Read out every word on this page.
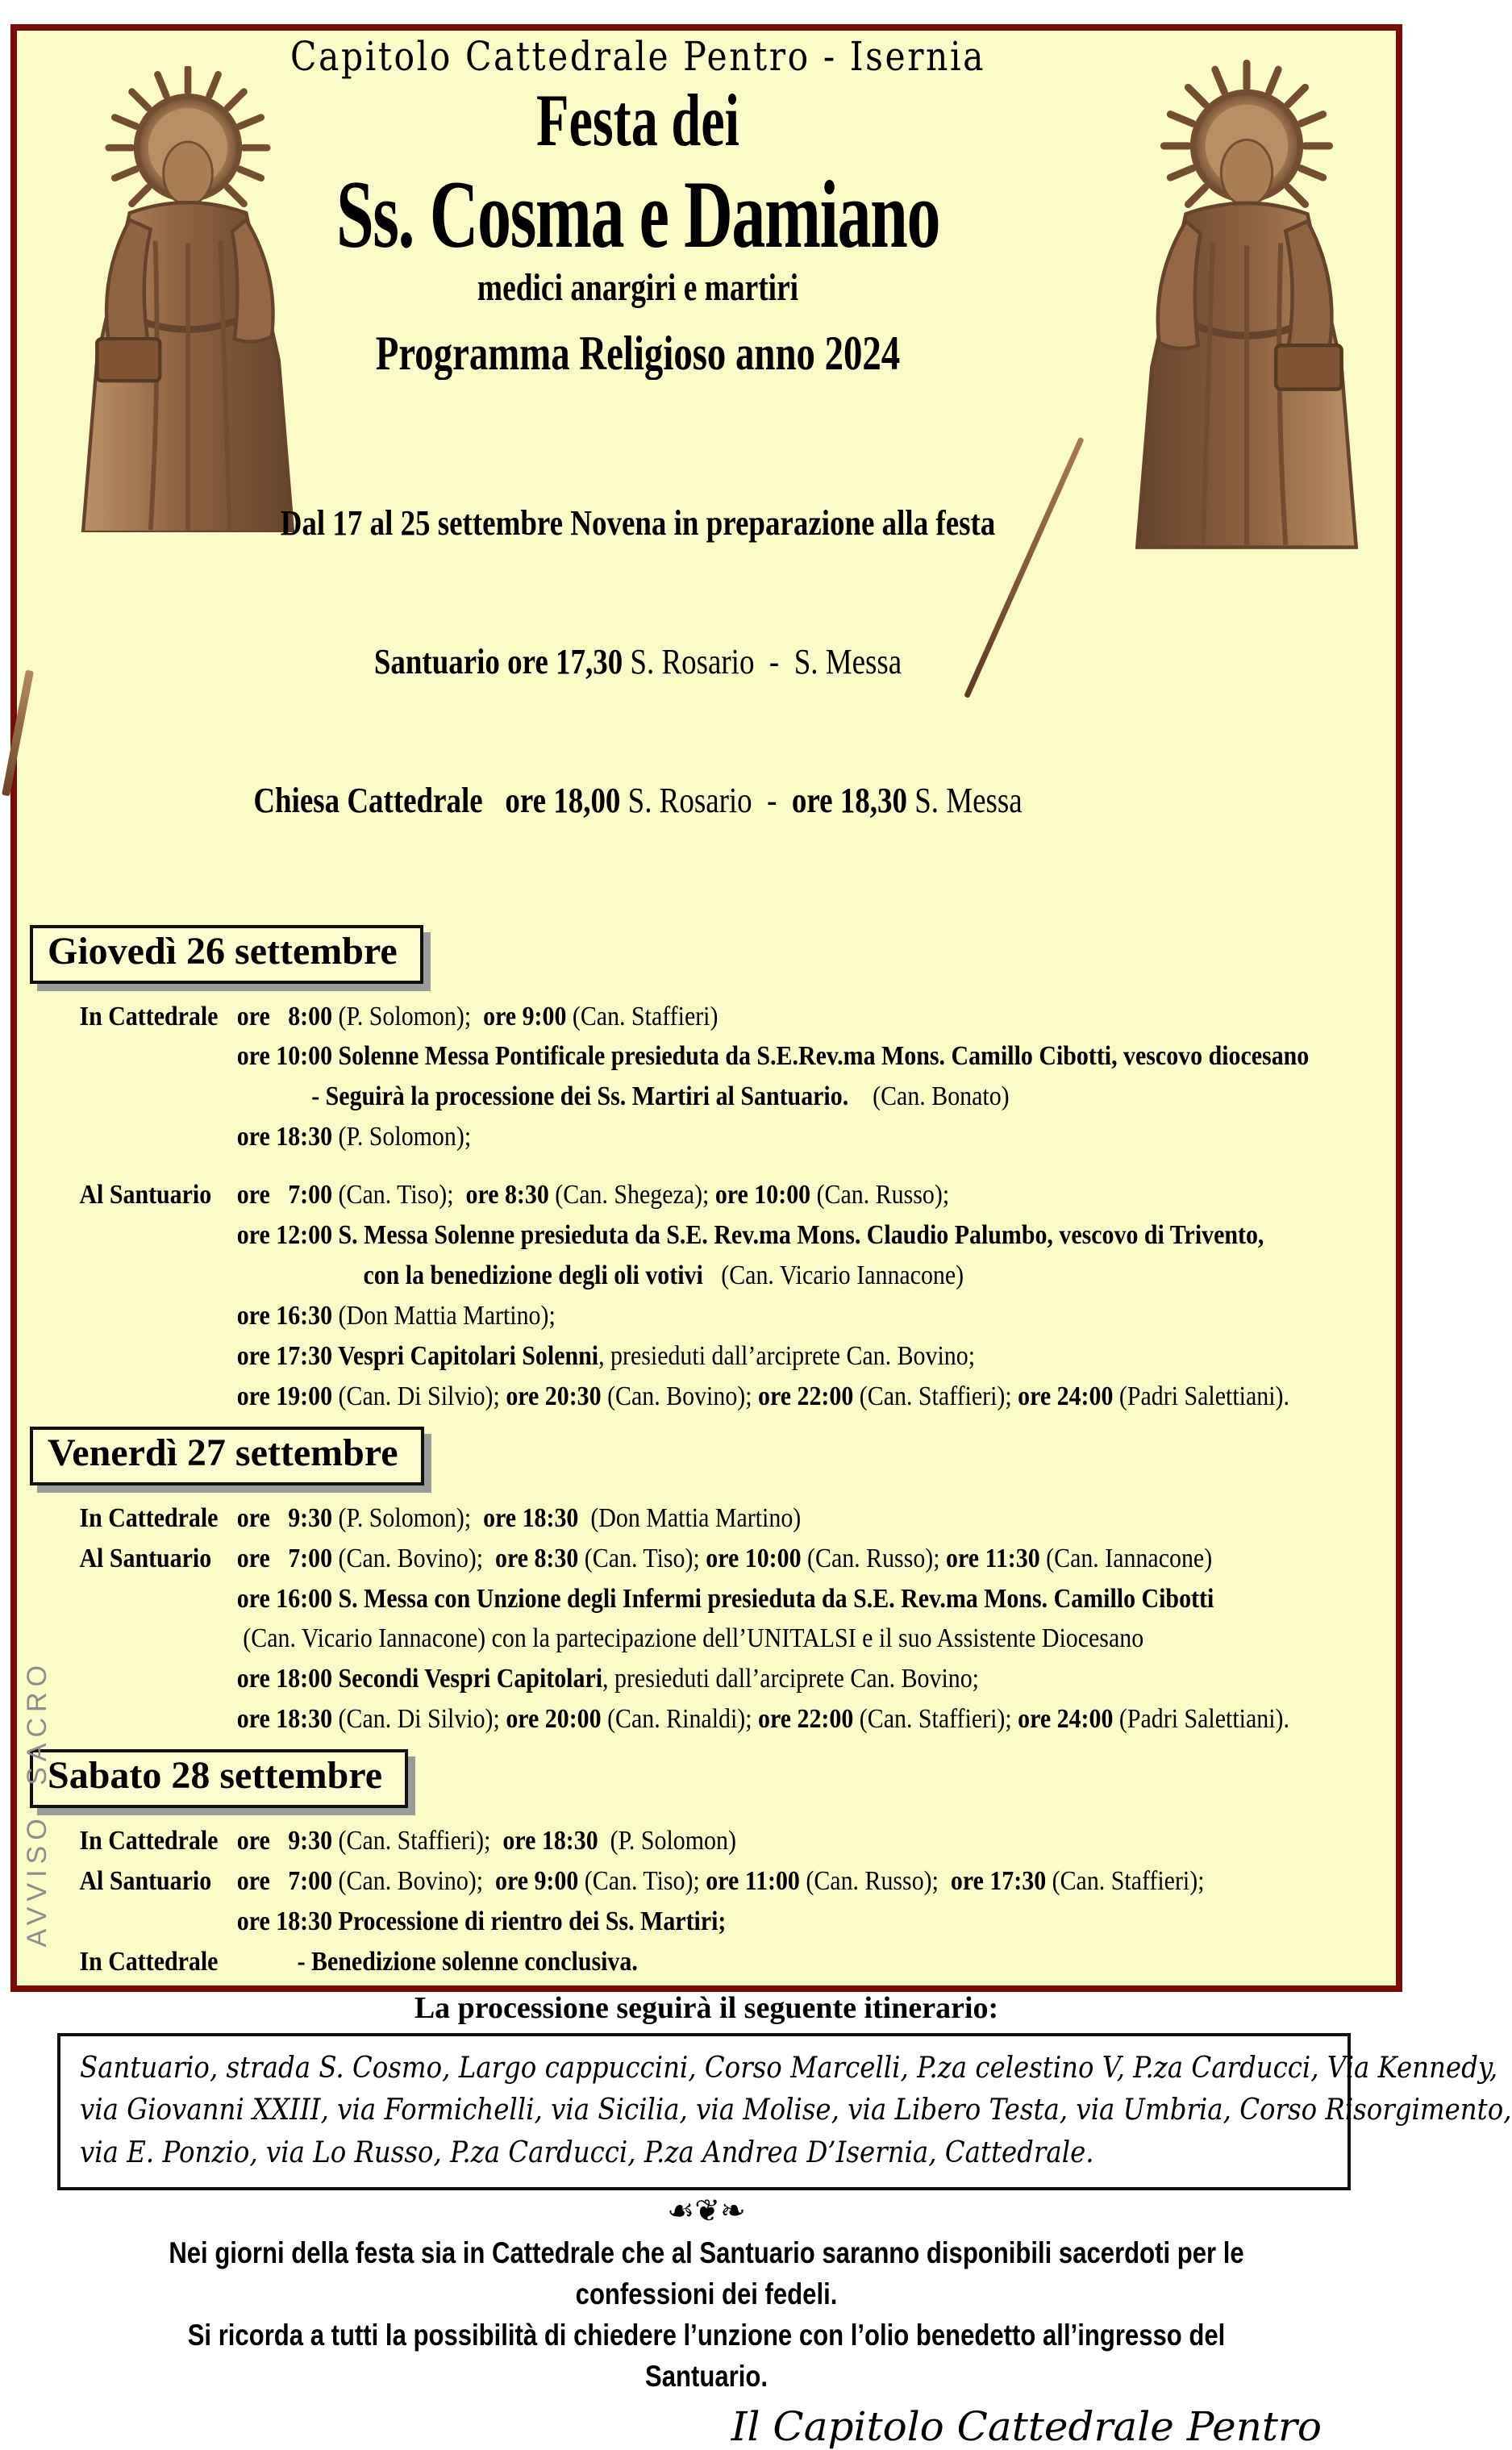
AVVISO SACRO
Capitolo Cattedrale Pentro - Isernia
Festa dei
Ss. Cosma e Damiano
medici anargiri e martiri
Programma Religioso anno 2024

Dal 17 al 25 settembre Novena in preparazione alla festa

Santuario ore 17,30 S. Rosario  -  S. Messa

Chiesa Cattedrale   ore 18,00 S. Rosario  -  ore 18,30 S. Messa

Giovedì 26 settembre
In Cattedrale ore   8:00 (P. Solomon);  ore 9:00 (Can. Staffieri)
ore 10:00 Solenne Messa Pontificale presieduta da S.E.Rev.ma Mons. Camillo Cibotti, vescovo diocesano
- Seguirà la processione dei Ss. Martiri al Santuario.    (Can. Bonato)
ore 18:30 (P. Solomon);
Al Santuario ore   7:00 (Can. Tiso);  ore 8:30 (Can. Shegeza); ore 10:00 (Can. Russo);
ore 12:00 S. Messa Solenne presieduta da S.E. Rev.ma Mons. Claudio Palumbo, vescovo di Trivento,
con la benedizione degli oli votivi   (Can. Vicario Iannacone)
ore 16:30 (Don Mattia Martino);
ore 17:30 Vespri Capitolari Solenni, presieduti dall’arciprete Can. Bovino;
ore 19:00 (Can. Di Silvio); ore 20:30 (Can. Bovino); ore 22:00 (Can. Staffieri); ore 24:00 (Padri Salettiani).
Venerdì 27 settembre
In Cattedrale ore   9:30 (P. Solomon);  ore 18:30  (Don Mattia Martino)
Al Santuario ore   7:00 (Can. Bovino);  ore 8:30 (Can. Tiso); ore 10:00 (Can. Russo); ore 11:30 (Can. Iannacone)
ore 16:00 S. Messa con Unzione degli Infermi presieduta da S.E. Rev.ma Mons. Camillo Cibotti
(Can. Vicario Iannacone) con la partecipazione dell’UNITALSI e il suo Assistente Diocesano
ore 18:00 Secondi Vespri Capitolari, presieduti dall’arciprete Can. Bovino;
ore 18:30 (Can. Di Silvio); ore 20:00 (Can. Rinaldi); ore 22:00 (Can. Staffieri); ore 24:00 (Padri Salettiani).
Sabato 28 settembre
In Cattedrale ore   9:30 (Can. Staffieri);  ore 18:30  (P. Solomon)
Al Santuario ore   7:00 (Can. Bovino);  ore 9:00 (Can. Tiso); ore 11:00 (Can. Russo);  ore 17:30 (Can. Staffieri);
ore 18:30 Processione di rientro dei Ss. Martiri;
In Cattedrale - Benedizione solenne conclusiva.
La processione seguirà il seguente itinerario:
Santuario, strada S. Cosmo, Largo cappuccini, Corso Marcelli, P.za celestino V, P.za Carducci, Via Kennedy,
via Giovanni XXIII, via Formichelli, via Sicilia, via Molise, via Libero Testa, via Umbria, Corso Risorgimento,
via E. Ponzio, via Lo Russo, P.za Carducci, P.za Andrea D’Isernia, Cattedrale.
☙❦❧
Nei giorni della festa sia in Cattedrale che al Santuario saranno disponibili sacerdoti per le confessioni dei fedeli.
Si ricorda a tutti la possibilità di chiedere l’unzione con l’olio benedetto all’ingresso del Santuario.
Il Capitolo Cattedrale Pentro
